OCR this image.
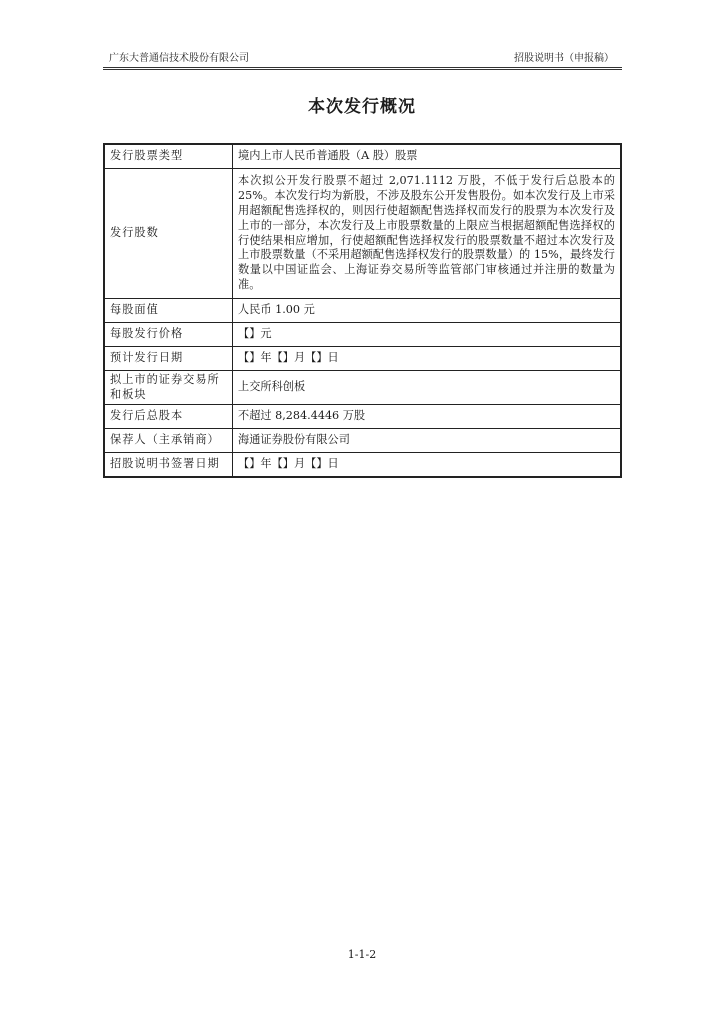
广东大普通信技术股份有限公司	招股说明书（申报稿）
本次发行概况
发行股票类型	境内上市人民币普通股（A 股）股票
发行股数	本次拟公开发行股票不超过 2,071.1112 万股，不低于发行后总股本的 25%。本次发行均为新股，不涉及股东公开发售股份。如本次发行及上市采用超额配售选择权的，则因行使超额配售选择权而发行的股票为本次发行及上市的一部分，本次发行及上市股票数量的上限应当根据超额配售选择权的行使结果相应增加，行使超额配售选择权发行的股票数量不超过本次发行及上市股票数量（不采用超额配售选择权发行的股票数量）的 15%，最终发行数量以中国证监会、上海证券交易所等监管部门审核通过并注册的数量为准。
每股面值	人民币 1.00 元
每股发行价格	【】元
预计发行日期	【】年【】月【】日
拟上市的证券交易所和板块	上交所科创板
发行后总股本	不超过 8,284.4446 万股
保荐人（主承销商）	海通证券股份有限公司
招股说明书签署日期	【】年【】月【】日
1-1-2
